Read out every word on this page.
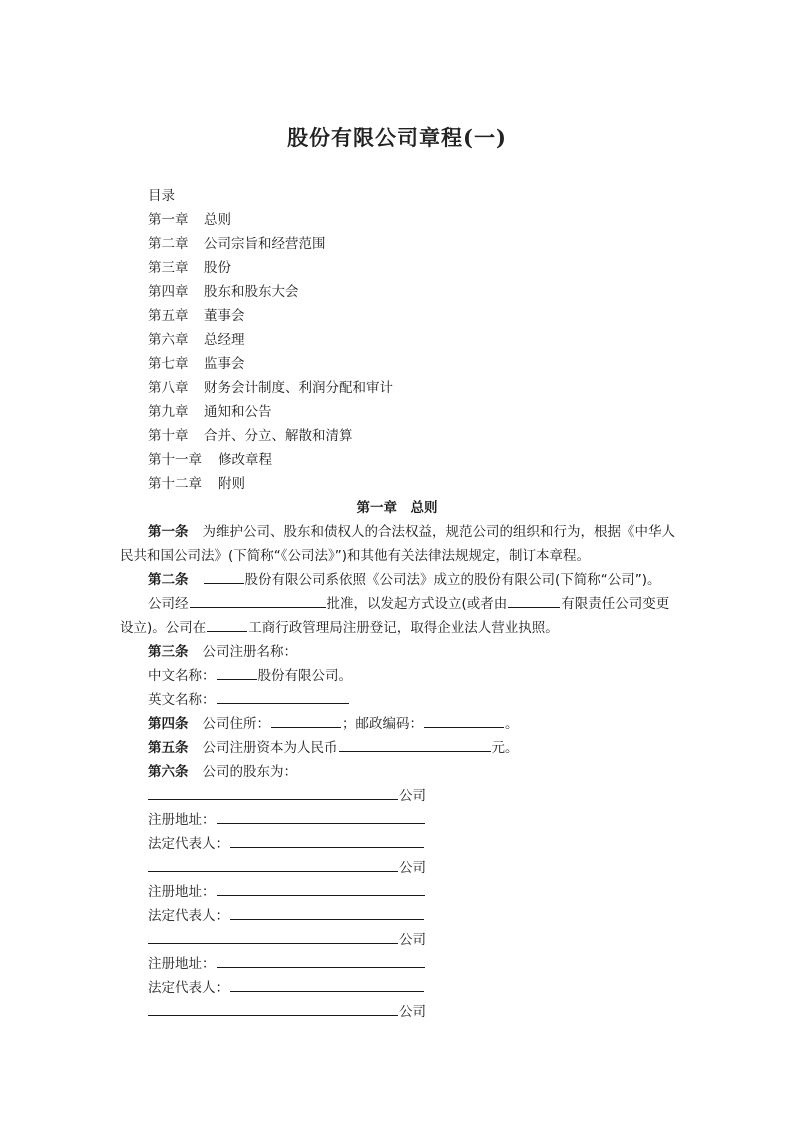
股份有限公司章程(一)
目录
第一章 总则
第二章 公司宗旨和经营范围
第三章 股份
第四章 股东和股东大会
第五章 董事会
第六章 总经理
第七章 监事会
第八章 财务会计制度、利润分配和审计
第九章 通知和公告
第十章 合并、分立、解散和清算
第十一章 修改章程
第十二章 附则
第一章　总则
第一条 为维护公司、股东和债权人的合法权益，规范公司的组织和行为，根据《中华人民共和国公司法》(下简称“《公司法》”)和其他有关法律法规规定，制订本章程。
第二条	股份有限公司系依照《公司法》成立的股份有限公司(下简称“公司”)。
公司经	批准，以发起方式设立(或者由	有限责任公司变更设立)。公司在	工商行政管理局注册登记，取得企业法人营业执照。
第三条 公司注册名称：
中文名称：	股份有限公司。
英文名称：
第四条 公司住所：	；邮政编码：	。
第五条 公司注册资本为人民币	元。
第六条 公司的股东为：
公司
注册地址：
法定代表人：
公司
注册地址：
法定代表人：
公司
注册地址：
法定代表人：
公司
